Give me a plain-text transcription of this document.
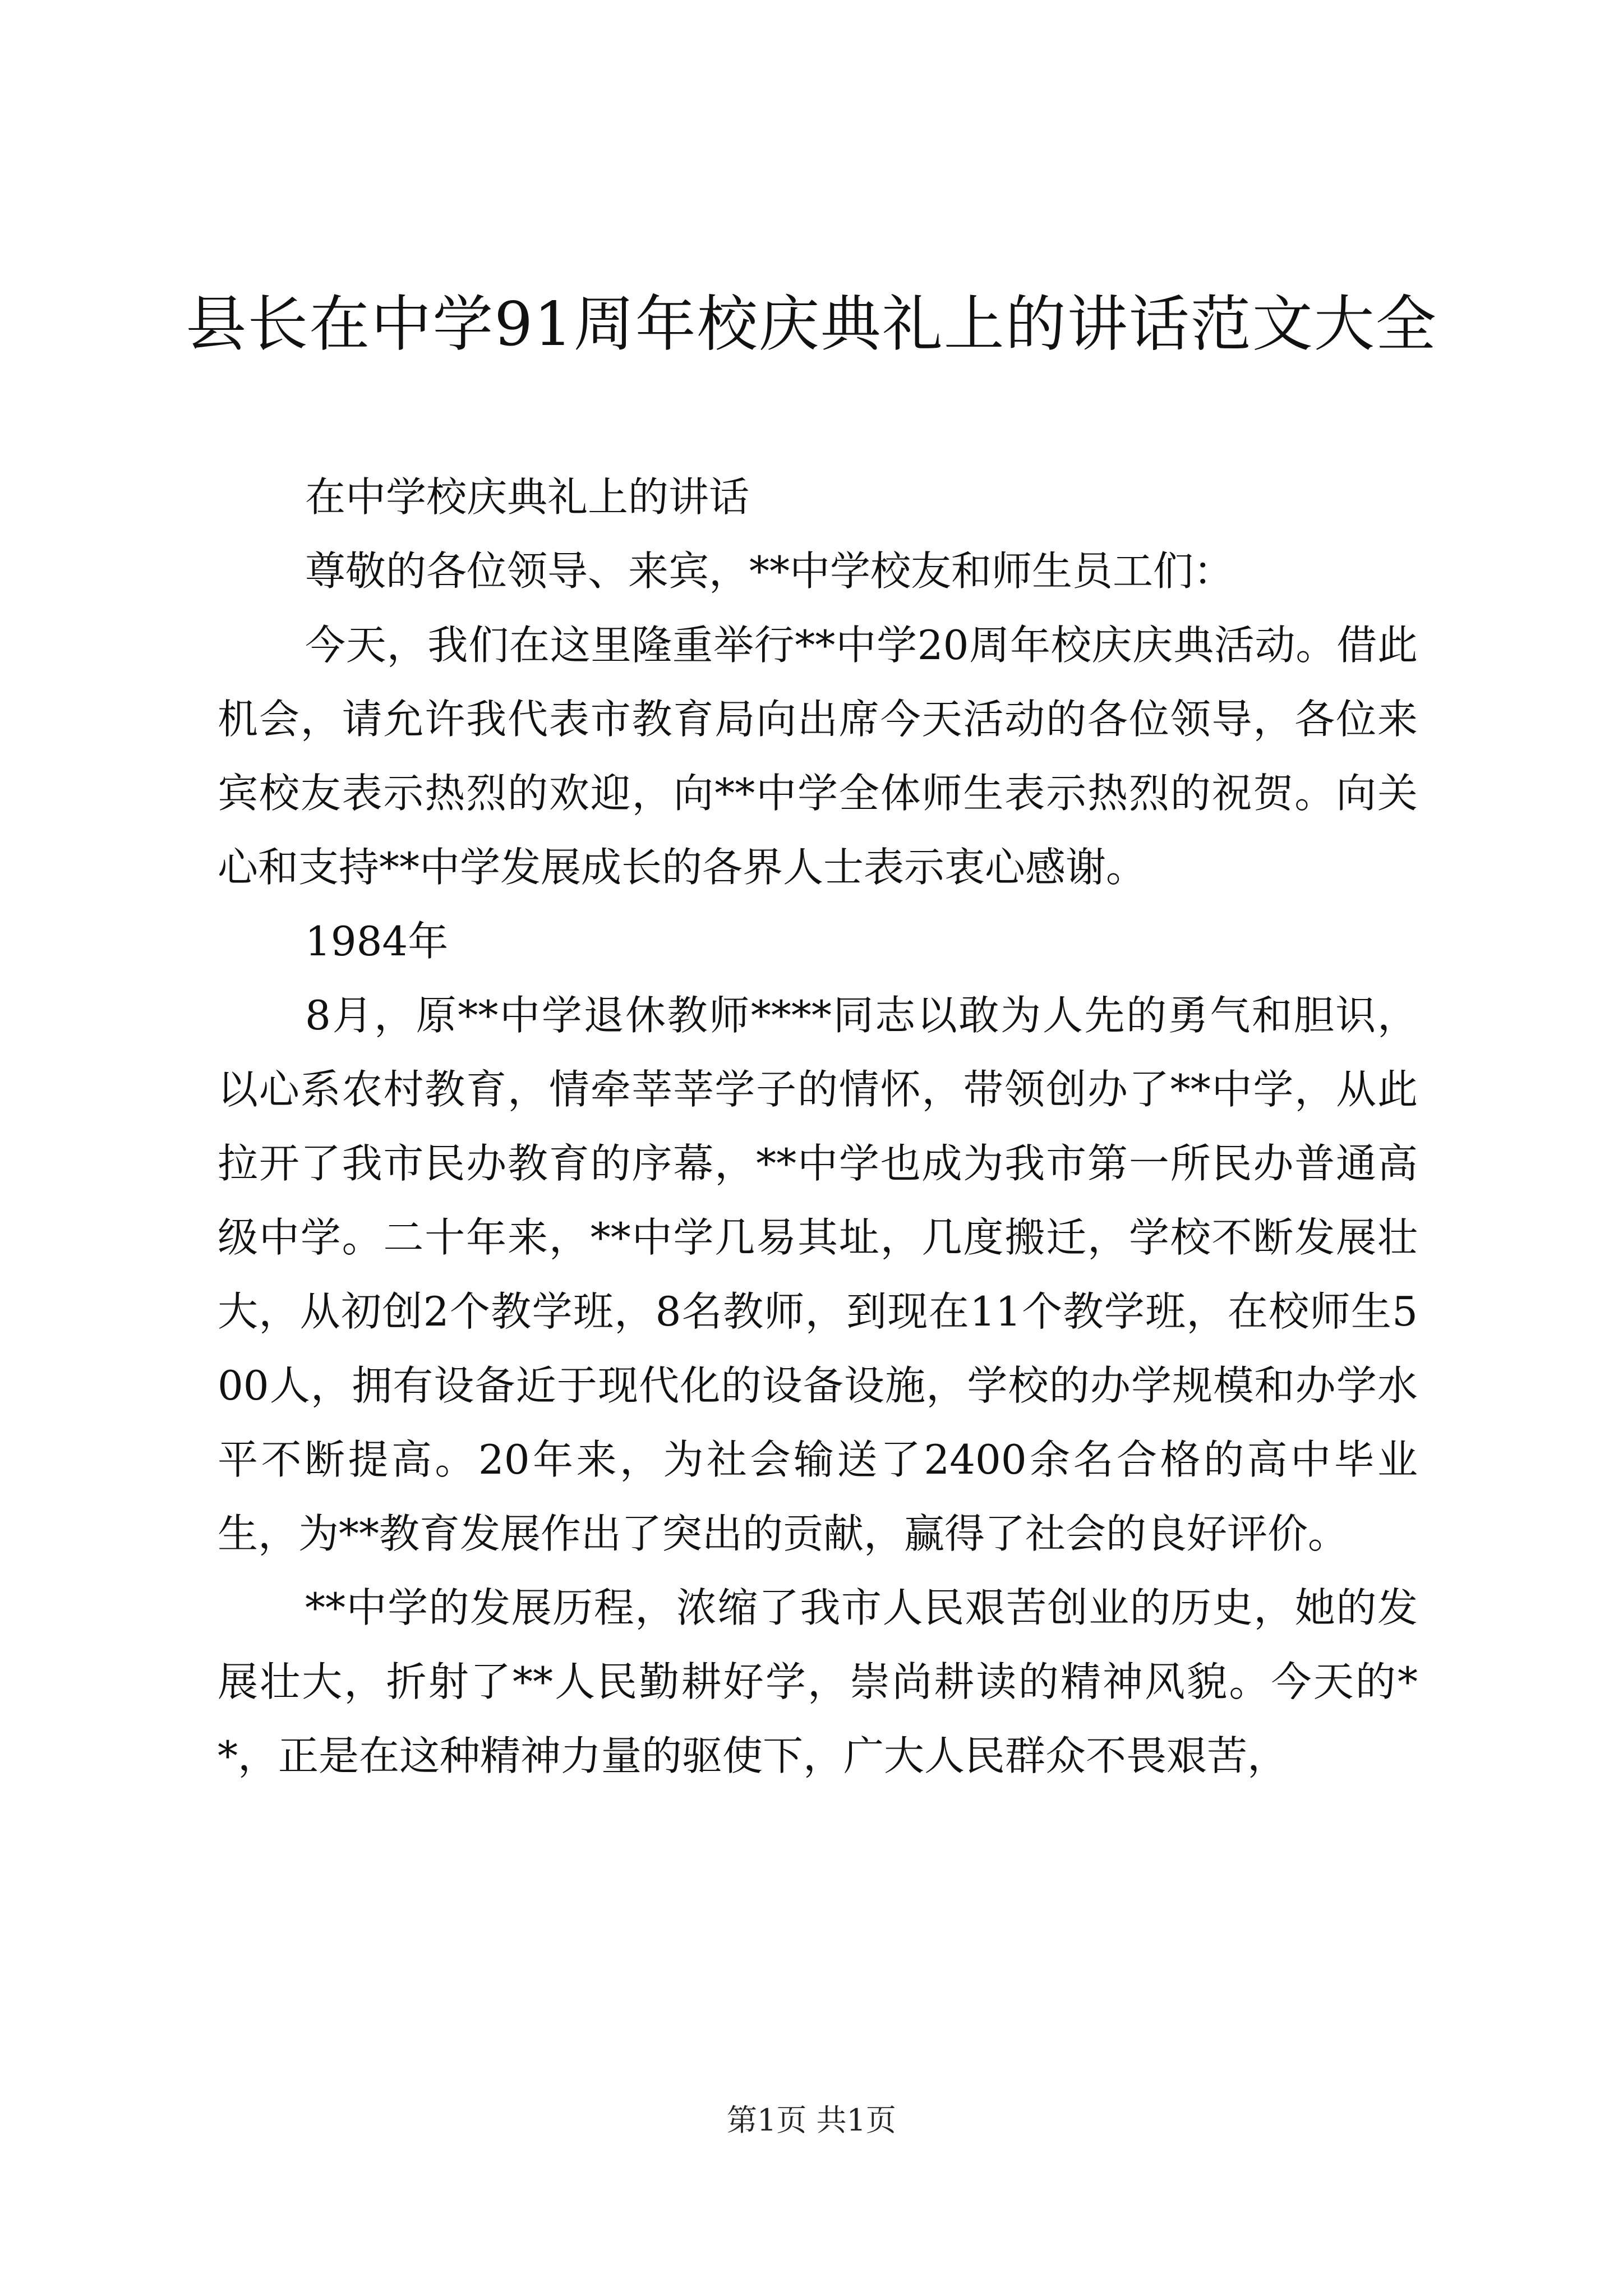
县长在中学91周年校庆典礼上的讲话范文大全

在中学校庆典礼上的讲话

尊敬的各位领导、来宾，**中学校友和师生员工们：

今天，我们在这里隆重举行**中学20周年校庆庆典活动。借此机会，请允许我代表市教育局向出席今天活动的各位领导，各位来宾校友表示热烈的欢迎，向**中学全体师生表示热烈的祝贺。向关心和支持**中学发展成长的各界人士表示衷心感谢。

1984年

8月，原**中学退休教师****同志以敢为人先的勇气和胆识，以心系农村教育，情牵莘莘学子的情怀，带领创办了**中学，从此拉开了我市民办教育的序幕，**中学也成为我市第一所民办普通高级中学。二十年来，**中学几易其址，几度搬迁，学校不断发展壮大，从初创2个教学班，8名教师，到现在11个教学班，在校师生500人，拥有设备近于现代化的设备设施，学校的办学规模和办学水平不断提高。20年来，为社会输送了2400余名合格的高中毕业生，为**教育发展作出了突出的贡献，赢得了社会的良好评价。

**中学的发展历程，浓缩了我市人民艰苦创业的历史，她的发展壮大，折射了**人民勤耕好学，崇尚耕读的精神风貌。今天的**，正是在这种精神力量的驱使下，广大人民群众不畏艰苦，

第1页 共1页
